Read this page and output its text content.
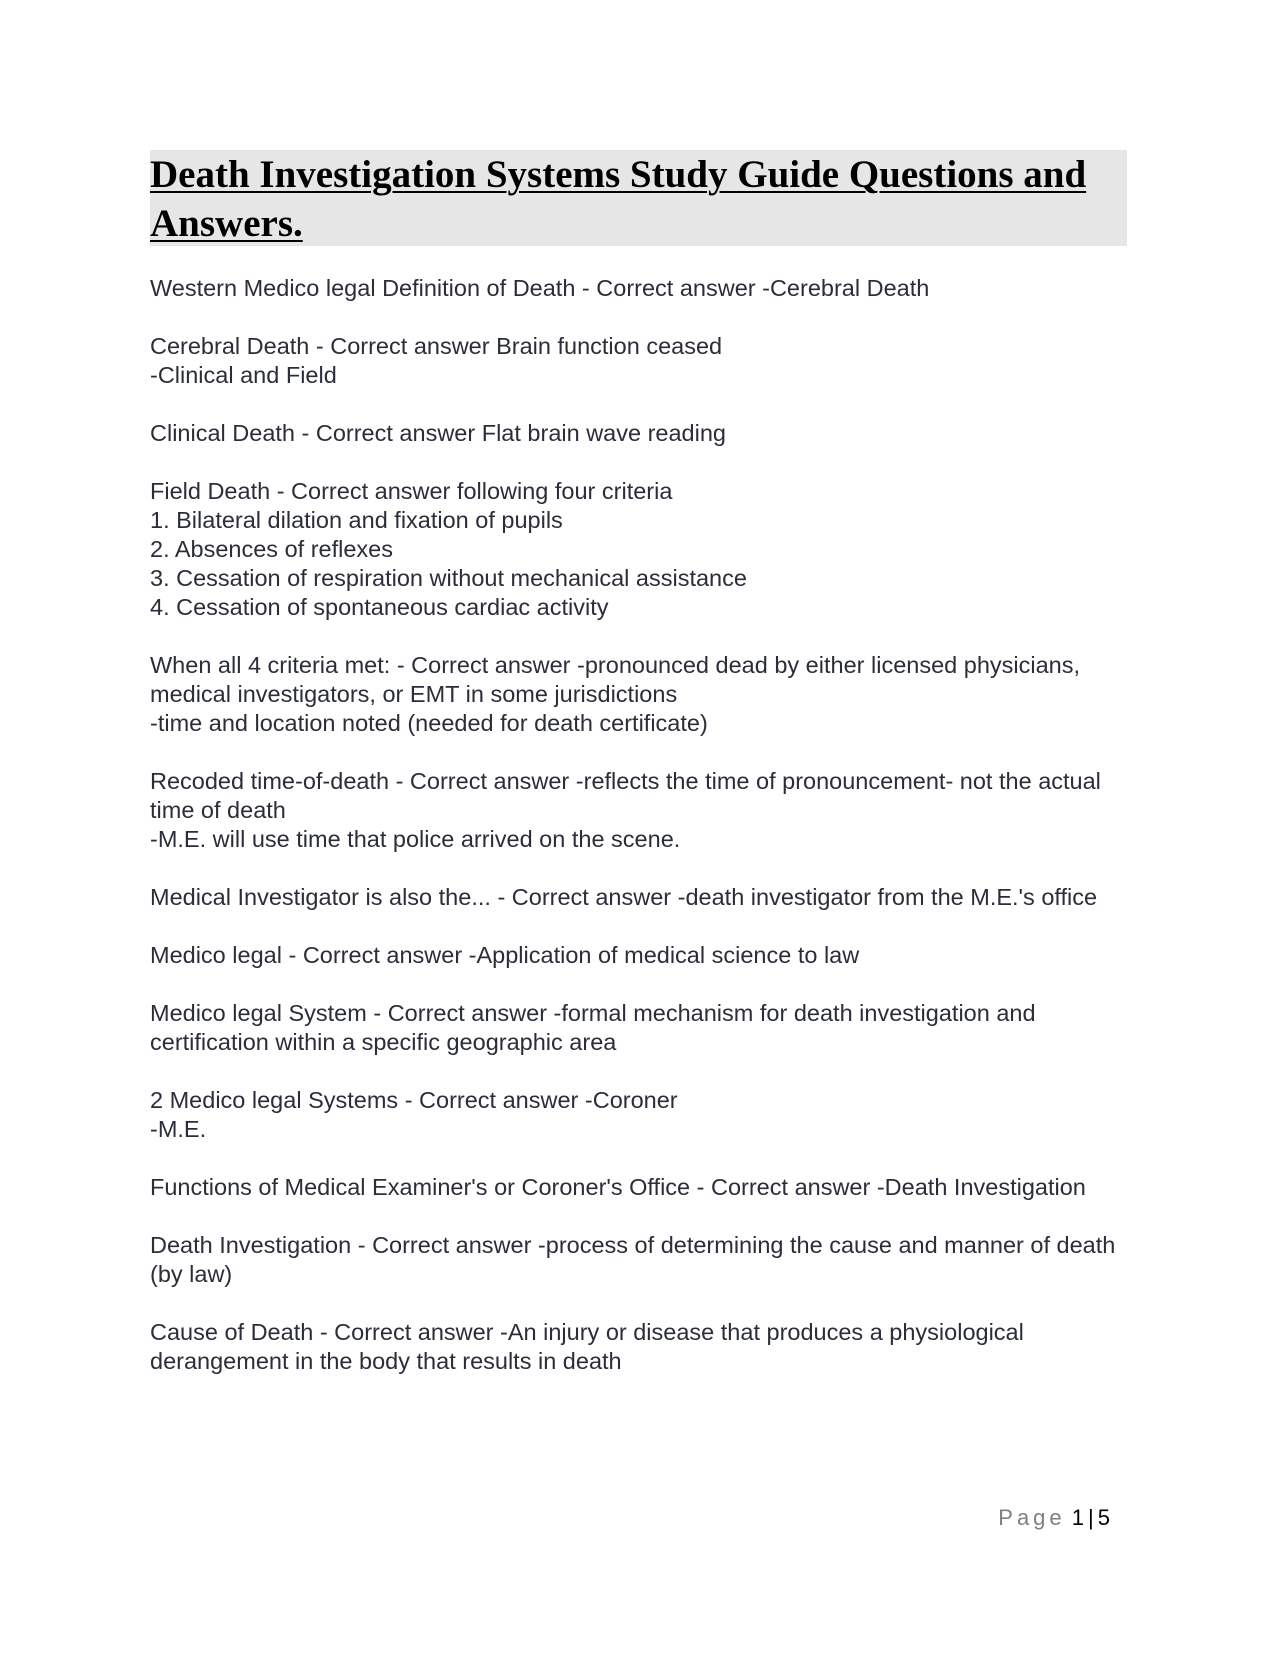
Death Investigation Systems Study Guide Questions and Answers.
Western Medico legal Definition of Death - Correct answer -Cerebral Death
Cerebral Death - Correct answer Brain function ceased
-Clinical and Field
Clinical Death - Correct answer Flat brain wave reading
Field Death - Correct answer following four criteria
1. Bilateral dilation and fixation of pupils
2. Absences of reflexes
3. Cessation of respiration without mechanical assistance
4. Cessation of spontaneous cardiac activity
When all 4 criteria met: - Correct answer -pronounced dead by either licensed physicians, medical investigators, or EMT in some jurisdictions
-time and location noted (needed for death certificate)
Recoded time-of-death - Correct answer -reflects the time of pronouncement- not the actual time of death
-M.E. will use time that police arrived on the scene.
Medical Investigator is also the... - Correct answer -death investigator from the M.E.'s office
Medico legal - Correct answer -Application of medical science to law
Medico legal System - Correct answer -formal mechanism for death investigation and certification within a specific geographic area
2 Medico legal Systems - Correct answer -Coroner
-M.E.
Functions of Medical Examiner's or Coroner's Office - Correct answer -Death Investigation
Death Investigation - Correct answer -process of determining the cause and manner of death (by law)
Cause of Death - Correct answer -An injury or disease that produces a physiological derangement in the body that results in death
Page 1 | 5
